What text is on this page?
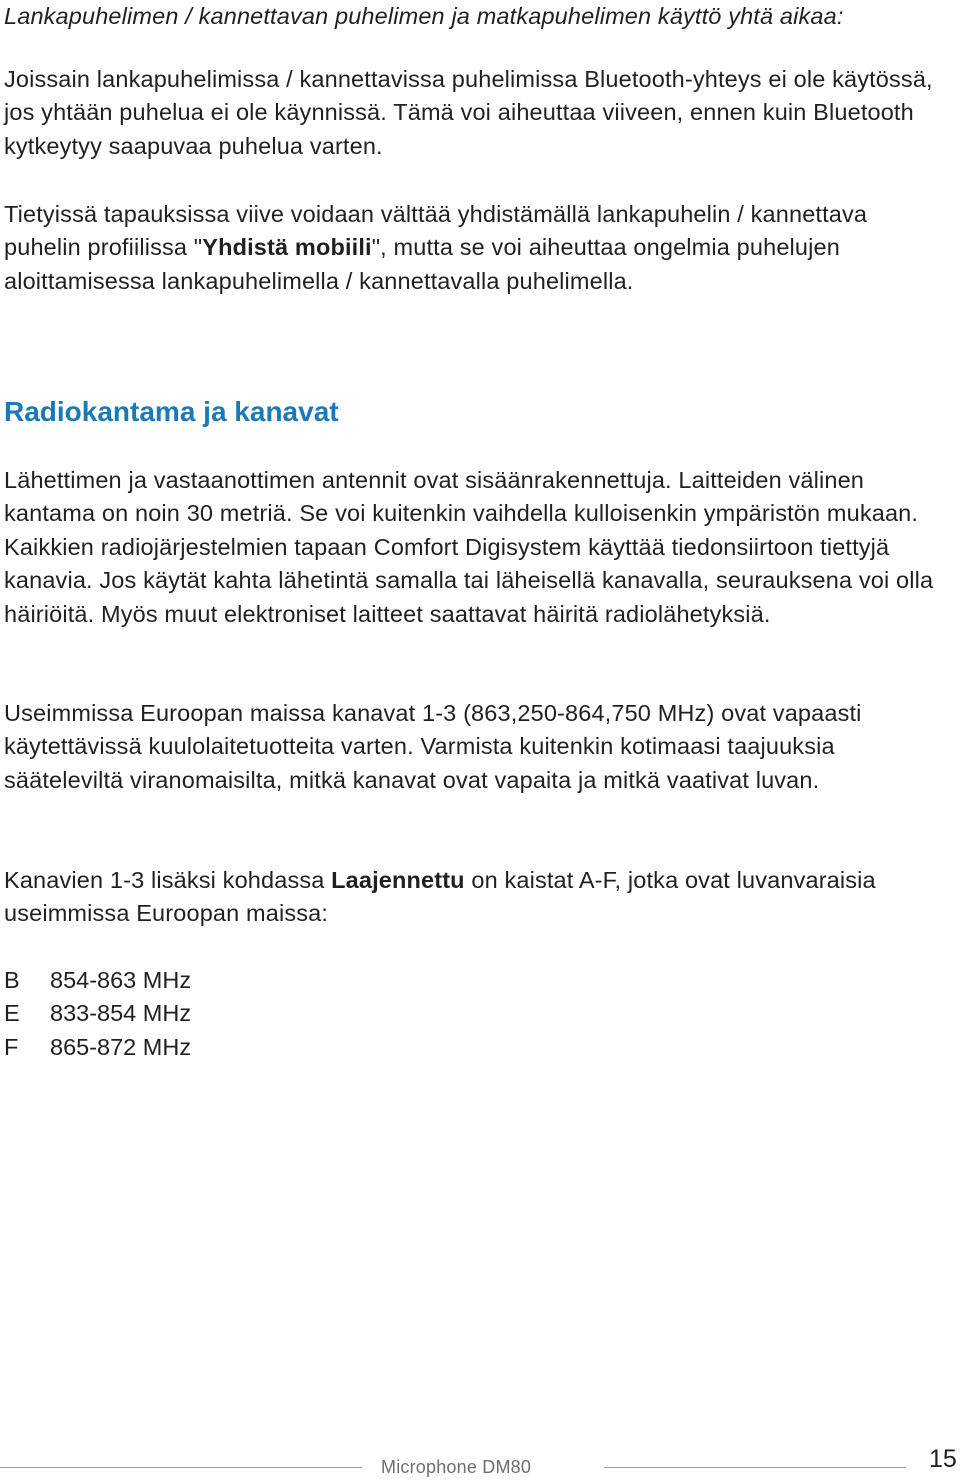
Lankapuhelimen / kannettavan puhelimen ja matkapuhelimen käyttö yhtä aikaa:

Joissain lankapuhelimissa / kannettavissa puhelimissa Bluetooth-yhteys ei ole käytössä, jos yhtään puhelua ei ole käynnissä. Tämä voi aiheuttaa viiveen, ennen kuin Bluetooth kytkeytyy saapuvaa puhelua varten.

Tietyissä tapauksissa viive voidaan välttää yhdistämällä lankapuhelin / kannettava puhelin profiilissa "Yhdistä mobiili", mutta se voi aiheuttaa ongelmia puhelujen aloittamisessa lankapuhelimella / kannettavalla puhelimella.

Radiokantama ja kanavat

Lähettimen ja vastaanottimen antennit ovat sisäänrakennettuja. Laitteiden välinen kantama on noin 30 metriä. Se voi kuitenkin vaihdella kulloisenkin ympäristön mukaan. Kaikkien radiojärjestelmien tapaan Comfort Digisystem käyttää tiedonsiirtoon tiettyjä kanavia. Jos käytät kahta lähetintä samalla tai läheisellä kanavalla, seurauksena voi olla häiriöitä. Myös muut elektroniset laitteet saattavat häiritä radiolähetyksiä.

Useimmissa Euroopan maissa kanavat 1-3 (863,250-864,750 MHz) ovat vapaasti käytettävissä kuulolaitetuotteita varten. Varmista kuitenkin kotimaasi taajuuksia sääteleviltä viranomaisilta, mitkä kanavat ovat vapaita ja mitkä vaativat luvan.

Kanavien 1-3 lisäksi kohdassa Laajennettu on kaistat A-F, jotka ovat luvanvaraisia useimmissa Euroopan maissa:

B	854-863 MHz
E	833-854 MHz
F	865-872 MHz
Microphone DM80	15
